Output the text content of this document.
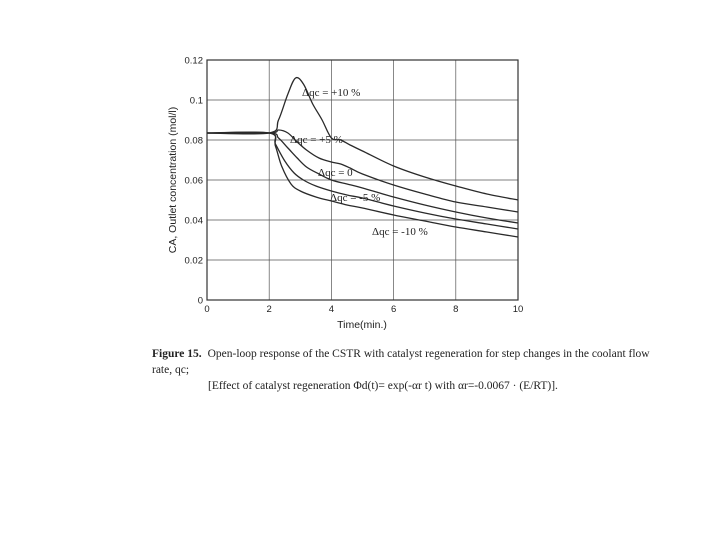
0
0.02
0.04
0.06
0.08
0.1
0.12
0	2	4	6	8	10
CA, Outlet concentration (mol/l)
Time(min.)
Δqc = +10 %
Δqc = +5 %
Δqc = 0
Δqc = -5 %
Δqc = -10 %
Figure 15. Open-loop response of the CSTR with catalyst regeneration for step changes in the coolant flow rate, qc;
[Effect of catalyst regeneration Φd(t)= exp(-αr t) with αr=-0.0067 · (E/RT)].
